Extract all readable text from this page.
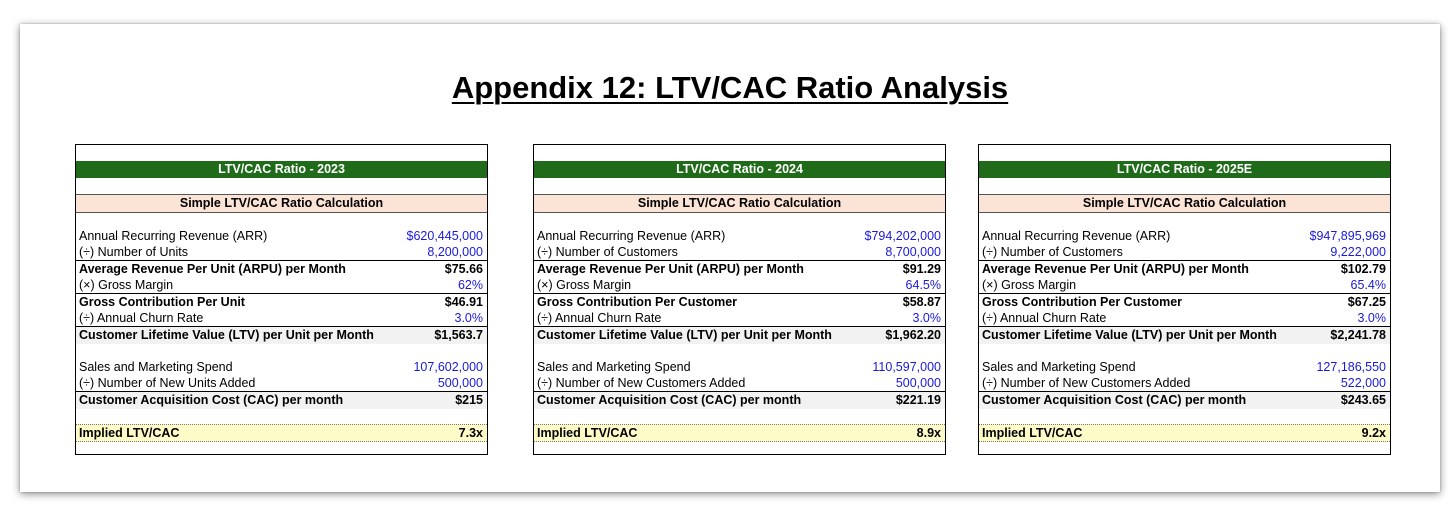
Appendix 12: LTV/CAC Ratio Analysis
LTV/CAC Ratio - 2023
Simple LTV/CAC Ratio Calculation
Annual Recurring Revenue (ARR)	$620,445,000
(÷) Number of Units	8,200,000
Average Revenue Per Unit (ARPU) per Month	$75.66
(×) Gross Margin	62%
Gross Contribution Per Unit	$46.91
(÷) Annual Churn Rate	3.0%
Customer Lifetime Value (LTV) per Unit per Month	$1,563.7
Sales and Marketing Spend	107,602,000
(÷) Number of New Units Added	500,000
Customer Acquisition Cost (CAC) per month	$215
Implied LTV/CAC	7.3x
LTV/CAC Ratio - 2024
Simple LTV/CAC Ratio Calculation
Annual Recurring Revenue (ARR)	$794,202,000
(÷) Number of Customers	8,700,000
Average Revenue Per Unit (ARPU) per Month	$91.29
(×) Gross Margin	64.5%
Gross Contribution Per Customer	$58.87
(÷) Annual Churn Rate	3.0%
Customer Lifetime Value (LTV) per Unit per Month	$1,962.20
Sales and Marketing Spend	110,597,000
(÷) Number of New Customers Added	500,000
Customer Acquisition Cost (CAC) per month	$221.19
Implied LTV/CAC	8.9x
LTV/CAC Ratio - 2025E
Simple LTV/CAC Ratio Calculation
Annual Recurring Revenue (ARR)	$947,895,969
(÷) Number of Customers	9,222,000
Average Revenue Per Unit (ARPU) per Month	$102.79
(×) Gross Margin	65.4%
Gross Contribution Per Customer	$67.25
(÷) Annual Churn Rate	3.0%
Customer Lifetime Value (LTV) per Unit per Month	$2,241.78
Sales and Marketing Spend	127,186,550
(÷) Number of New Customers Added	522,000
Customer Acquisition Cost (CAC) per month	$243.65
Implied LTV/CAC	9.2x
